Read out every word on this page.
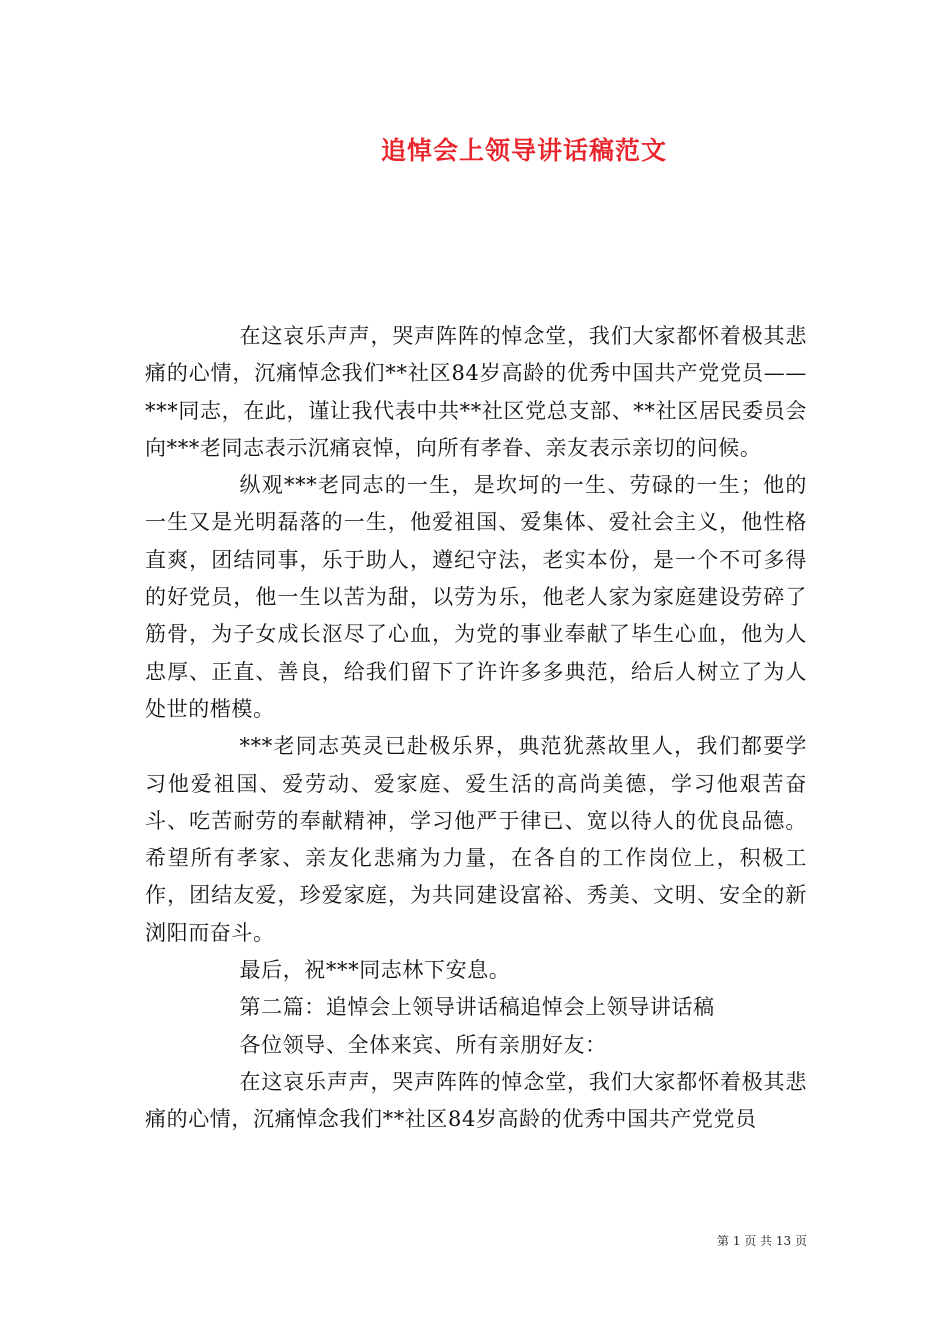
追悼会上领导讲话稿范文

在这哀乐声声，哭声阵阵的悼念堂，我们大家都怀着极其悲痛的心情，沉痛悼念我们**社区84岁高龄的优秀中国共产党党员——***同志，在此，谨让我代表中共**社区党总支部、**社区居民委员会向***老同志表示沉痛哀悼，向所有孝眷、亲友表示亲切的问候。

纵观***老同志的一生，是坎坷的一生、劳碌的一生；他的一生又是光明磊落的一生，他爱祖国、爱集体、爱社会主义，他性格直爽，团结同事，乐于助人，遵纪守法，老实本份，是一个不可多得的好党员，他一生以苦为甜，以劳为乐，他老人家为家庭建设劳碎了筋骨，为子女成长沤尽了心血，为党的事业奉献了毕生心血，他为人忠厚、正直、善良，给我们留下了许许多多典范，给后人树立了为人处世的楷模。

***老同志英灵已赴极乐界，典范犹蒸故里人，我们都要学习他爱祖国、爱劳动、爱家庭、爱生活的高尚美德，学习他艰苦奋斗、吃苦耐劳的奉献精神，学习他严于律已、宽以待人的优良品德。希望所有孝家、亲友化悲痛为力量，在各自的工作岗位上，积极工作，团结友爱，珍爱家庭，为共同建设富裕、秀美、文明、安全的新浏阳而奋斗。

最后，祝***同志林下安息。

第二篇：追悼会上领导讲话稿追悼会上领导讲话稿

各位领导、全体来宾、所有亲朋好友：

在这哀乐声声，哭声阵阵的悼念堂，我们大家都怀着极其悲痛的心情，沉痛悼念我们**社区84岁高龄的优秀中国共产党党员

第 1 页 共 13 页
